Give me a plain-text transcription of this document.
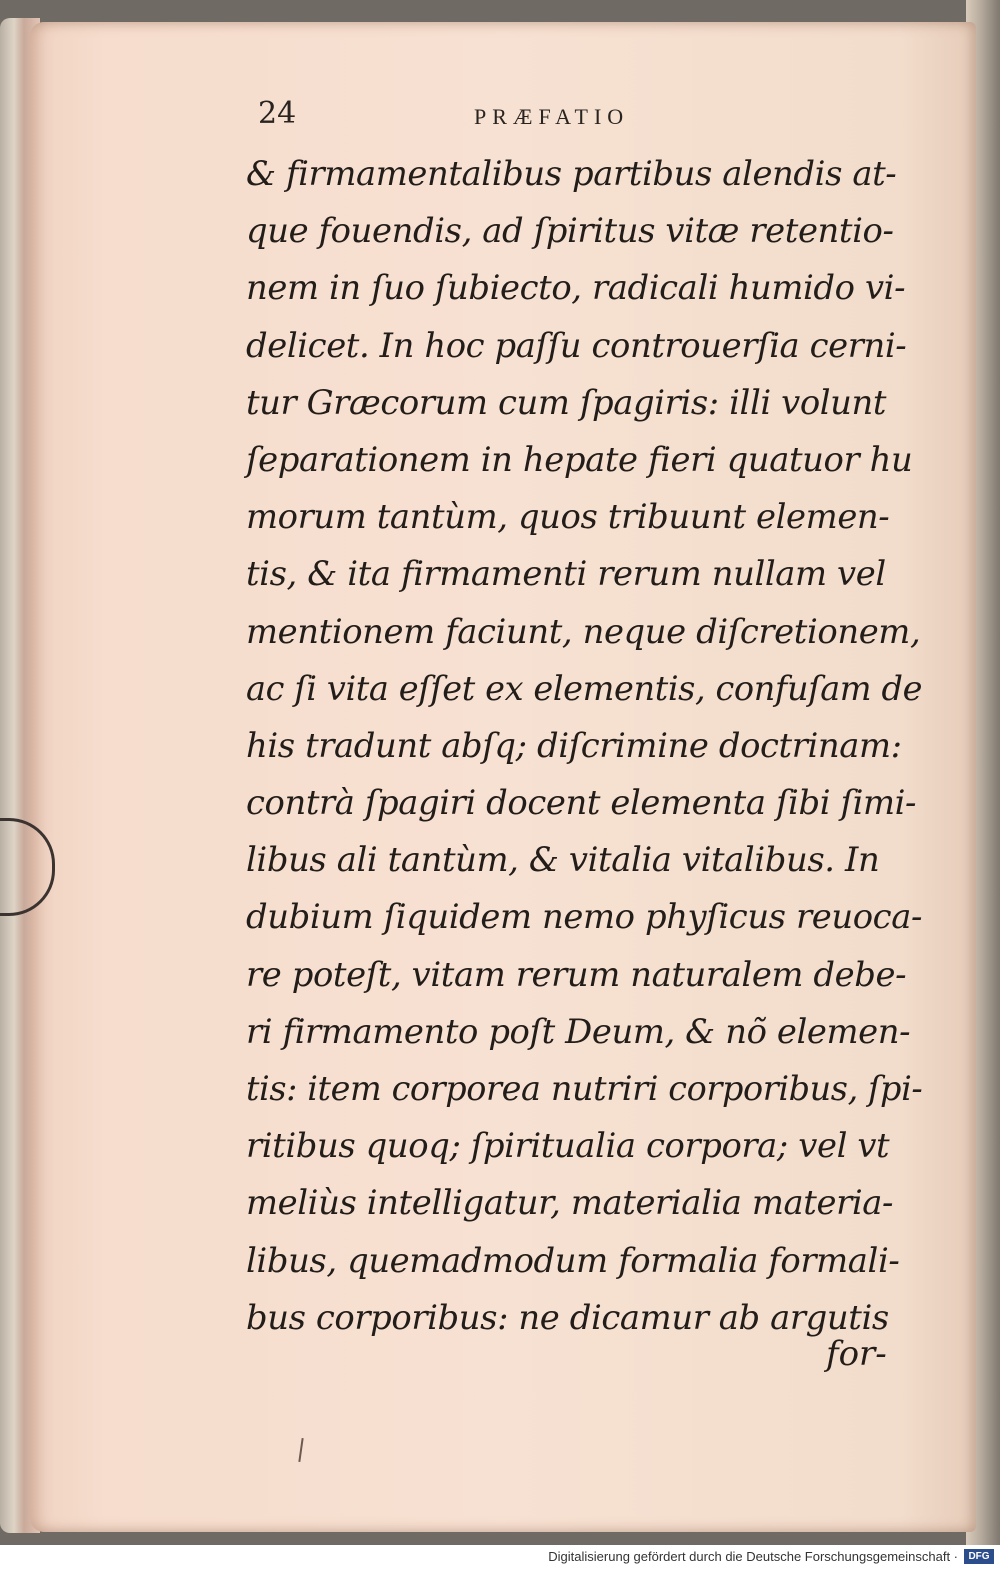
24	PRÆFATIO
& firmamentalibus partibus alendis at-
que fouendis, ad ſpiritus vitæ retentio-
nem in ſuo ſubiecto, radicali humido vi-
delicet. In hoc paſſu controuerſia cerni-
tur Græcorum cum ſpagiris: illi volunt
ſeparationem in hepate fieri quatuor hu
morum tantùm, quos tribuunt elemen-
tis, & ita firmamenti rerum nullam vel
mentionem faciunt, neque diſcretionem,
ac ſi vita eſſet ex elementis, confuſam de
his tradunt abſq; diſcrimine doctrinam:
contrà ſpagiri docent elementa ſibi ſimi-
libus ali tantùm, & vitalia vitalibus. In
dubium ſiquidem nemo phyſicus reuoca-
re poteſt, vitam rerum naturalem debe-
ri firmamento poſt Deum, & nõ elemen-
tis: item corporea nutriri corporibus, ſpi-
ritibus quoq; ſpiritualia corpora; vel vt
meliùs intelligatur, materialia materia-
libus, quemadmodum formalia formali-
bus corporibus: ne dicamur ab argutis
for-
Digitalisierung gefördert durch die Deutsche Forschungsgemeinschaft ·	DFG
